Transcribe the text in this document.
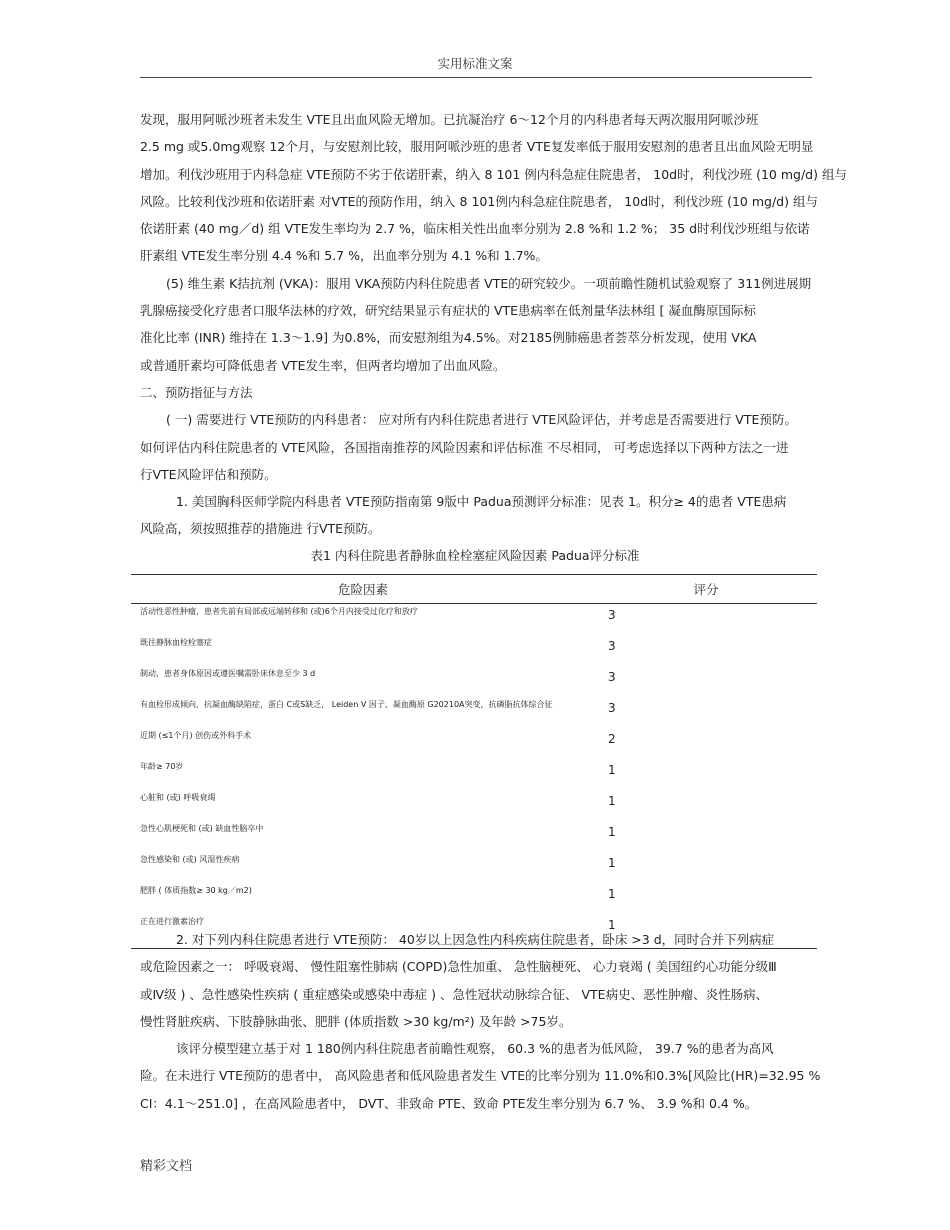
实用标准文案

发现，服用阿哌沙班者未发生 VTE且出血风险无增加。已抗凝治疗 6～12个月的内科患者每天两次服用阿哌沙班

2.5 mg 或5.0mg观察 12个月，与安慰剂比较，服用阿哌沙班的患者 VTE复发率低于服用安慰剂的患者且出血风险无明显

增加。利伐沙班用于内科急症 VTE预防不劣于依诺肝素，纳入 8 101 例内科急症住院患者， 10d时，利伐沙班 (10 mg/d) 组与

风险。比较利伐沙班和依诺肝素 对VTE的预防作用，纳入 8 101例内科急症住院患者， 10d时，利伐沙班 (10 mg/d) 组与

依诺肝素 (40 mg／d) 组 VTE发生率均为 2.7 %，临床相关性出血率分别为 2.8 %和 1.2 %； 35 d时利伐沙班组与依诺

肝素组 VTE发生率分别 4.4 %和 5.7 %，出血率分别为 4.1 %和 1.7%。

(5) 维生素 K拮抗剂 (VKA)：服用 VKA预防内科住院患者 VTE的研究较少。一项前瞻性随机试验观察了 311例进展期

乳腺癌接受化疗患者口服华法林的疗效，研究结果显示有症状的 VTE患病率在低剂量华法林组 [ 凝血酶原国际标

准化比率 (INR) 维持在 1.3～1.9] 为0.8%，而安慰剂组为4.5%。对2185例肺癌患者荟萃分析发现，使用 VKA

或普通肝素均可降低患者 VTE发生率，但两者均增加了出血风险。

二、预防指征与方法

( 一) 需要进行 VTE预防的内科患者： 应对所有内科住院患者进行 VTE风险评估，并考虑是否需要进行 VTE预防。

如何评估内科住院患者的 VTE风险，各国指南推荐的风险因素和评估标准 不尽相同， 可考虑选择以下两种方法之一进

行VTE风险评估和预防。

1. 美国胸科医师学院内科患者 VTE预防指南第 9版中 Padua预测评分标准：见表 1。积分≥ 4的患者 VTE患病

风险高，须按照推荐的措施进 行VTE预防。

表1 内科住院患者静脉血栓栓塞症风险因素 Padua评分标准
危险因素	评分
活动性恶性肿瘤，患者先前有局部或远端转移和 (或)6个月内接受过化疗和放疗	3
既往静脉血栓栓塞症	3
制动，患者身体原因或遵医嘱需卧床休息至少 3 d	3
有血栓形成倾向，抗凝血酶缺陷症，蛋白 C或S缺乏， Leiden V 因子、凝血酶原 G20210A突变，抗磷脂抗体综合征	3
近期 (≤1个月) 创伤或外科手术	2
年龄≥ 70岁	1
心脏和 (或) 呼吸衰竭	1
急性心肌梗死和 (或) 缺血性脑卒中	1
急性感染和 (或) 风湿性疾病	1
肥胖 ( 体质指数≥ 30 kg／m2)	1
正在进行激素治疗	1

2. 对下列内科住院患者进行 VTE预防： 40岁以上因急性内科疾病住院患者，卧床 >3 d，同时合并下列病症

或危险因素之一： 呼吸衰竭、 慢性阻塞性肺病 (COPD)急性加重、 急性脑梗死、 心力衰竭 ( 美国纽约心功能分级Ⅲ

或Ⅳ级 ) 、急性感染性疾病 ( 重症感染或感染中毒症 ) 、急性冠状动脉综合征、 VTE病史、恶性肿瘤、炎性肠病、

慢性肾脏疾病、下肢静脉曲张、肥胖 (体质指数 >30 kg/m²) 及年龄 >75岁。

该评分模型建立基于对 1 180例内科住院患者前瞻性观察， 60.3 %的患者为低风险， 39.7 %的患者为高风

险。在未进行 VTE预防的患者中， 高风险患者和低风险患者发生 VTE的比率分别为 11.0%和0.3%[风险比(HR)=32.95 %

CI：4.1～251.0] ，在高风险患者中， DVT、非致命 PTE、致命 PTE发生率分别为 6.7 %、 3.9 %和 0.4 %。

精彩文档
